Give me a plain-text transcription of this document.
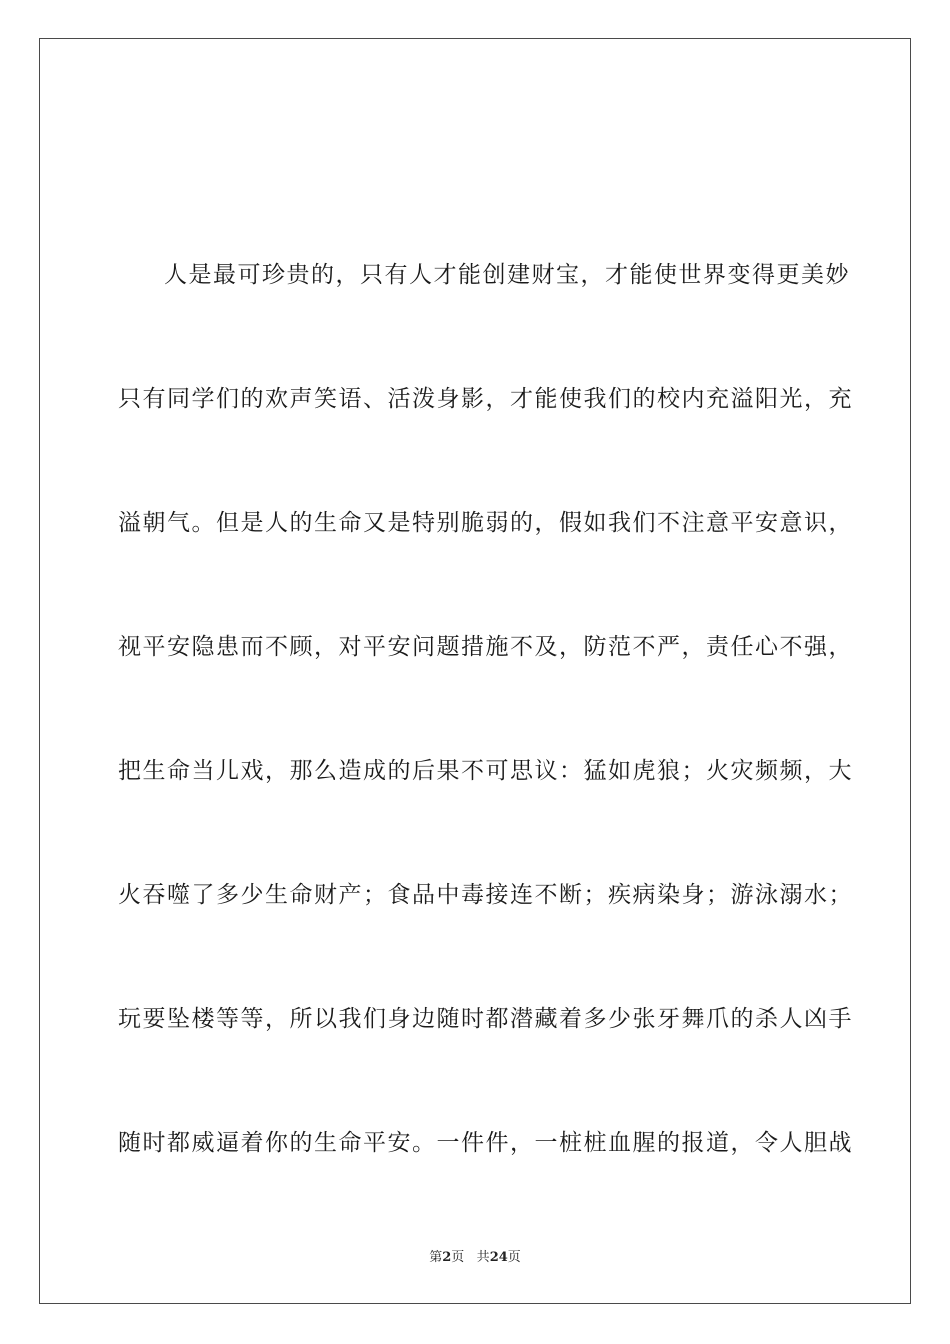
人是最可珍贵的，只有人才能创建财宝，才能使世界变得更美妙
只有同学们的欢声笑语、活泼身影，才能使我们的校内充溢阳光，充
溢朝气。但是人的生命又是特别脆弱的，假如我们不注意平安意识，
视平安隐患而不顾，对平安问题措施不及，防范不严，责任心不强，
把生命当儿戏，那么造成的后果不可思议：猛如虎狼；火灾频频，大
火吞噬了多少生命财产；食品中毒接连不断；疾病染身；游泳溺水；
玩要坠楼等等，所以我们身边随时都潜藏着多少张牙舞爪的杀人凶手
随时都威逼着你的生命平安。一件件，一桩桩血腥的报道，令人胆战
第2页 共24页
